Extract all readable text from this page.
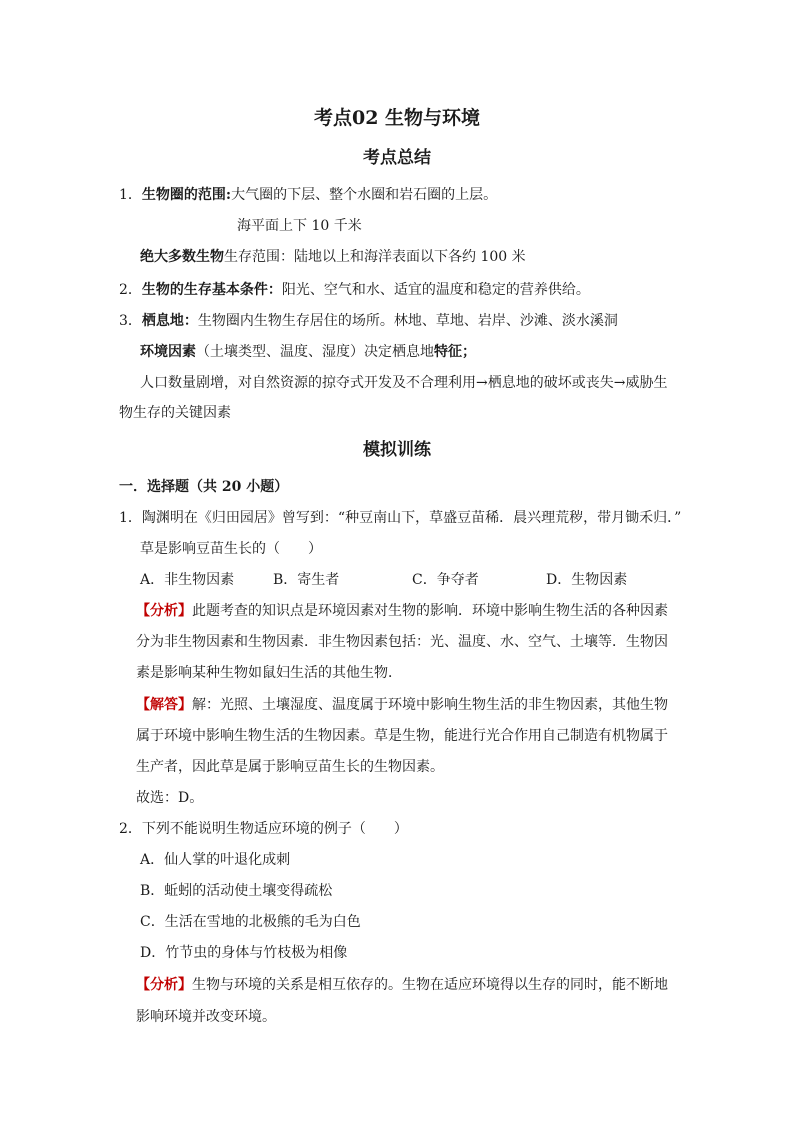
考点02 生物与环境
考点总结
1．生物圈的范围:大气圈的下层、整个水圈和岩石圈的上层。
海平面上下 10 千米
绝大多数生物生存范围：陆地以上和海洋表面以下各约 100 米
2．生物的生存基本条件：阳光、空气和水、适宜的温度和稳定的营养供给。
3．栖息地：生物圈内生物生存居住的场所。林地、草地、岩岸、沙滩、淡水溪洞
环境因素（土壤类型、温度、湿度）决定栖息地特征；
人口数量剧增，对自然资源的掠夺式开发及不合理利用→栖息地的破坏或丧失→威胁生
物生存的关键因素
模拟训练
一．选择题（共 20 小题）
1．陶渊明在《归田园居》曾写到：“种豆南山下，草盛豆苗稀．晨兴理荒秽，带月锄禾归．”
草是影响豆苗生长的（　　）
A．非生物因素	B．寄生者	C．争夺者	D．生物因素
【分析】此题考查的知识点是环境因素对生物的影响．环境中影响生物生活的各种因素
分为非生物因素和生物因素．非生物因素包括：光、温度、水、空气、土壤等．生物因
素是影响某种生物如鼠妇生活的其他生物．
【解答】解：光照、土壤湿度、温度属于环境中影响生物生活的非生物因素，其他生物
属于环境中影响生物生活的生物因素。草是生物，能进行光合作用自己制造有机物属于
生产者，因此草是属于影响豆苗生长的生物因素。
故选：D。
2．下列不能说明生物适应环境的例子（　　）
A．仙人掌的叶退化成刺
B．蚯蚓的活动使土壤变得疏松
C．生活在雪地的北极熊的毛为白色
D．竹节虫的身体与竹枝极为相像
【分析】生物与环境的关系是相互依存的。生物在适应环境得以生存的同时，能不断地
影响环境并改变环境。
